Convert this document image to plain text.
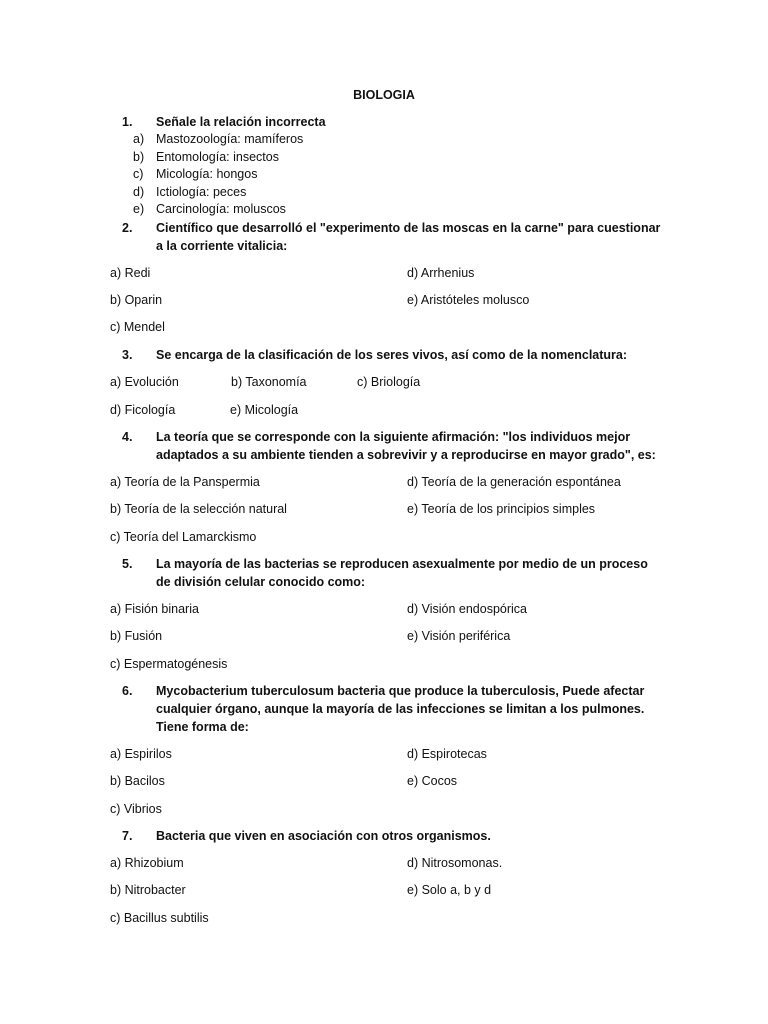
BIOLOGIA
1. Señale la relación incorrecta
a) Mastozoología: mamíferos
b) Entomología: insectos
c) Micología: hongos
d) Ictiología: peces
e) Carcinología: moluscos
2. Científico que desarrolló el "experimento de las moscas en la carne" para cuestionar a la corriente vitalicia:
a) Redi	d) Arrhenius
b) Oparin	e) Aristóteles molusco
c) Mendel
3. Se encarga de la clasificación de los seres vivos, así como de la nomenclatura:
a) Evolución	b) Taxonomía	c) Briología
d) Ficología	e) Micología
4. La teoría que se corresponde con la siguiente afirmación: "los individuos mejor adaptados a su ambiente tienden a sobrevivir y a reproducirse en mayor grado", es:
a) Teoría de la Panspermia	d) Teoría de la generación espontánea
b) Teoría de la selección natural	e) Teoría de los principios simples
c) Teoría del Lamarckismo
5. La mayoría de las bacterias se reproducen asexualmente por medio de un proceso de división celular conocido como:
a) Fisión binaria	d) Visión endospórica
b) Fusión	e) Visión periférica
c) Espermatogénesis
6. Mycobacterium tuberculosum bacteria que produce la tuberculosis, Puede afectar cualquier órgano, aunque la mayoría de las infecciones se limitan a los pulmones. Tiene forma de:
a) Espirilos	d) Espirotecas
b) Bacilos	e) Cocos
c) Vibrios
7. Bacteria que viven en asociación con otros organismos.
a) Rhizobium	d) Nitrosomonas.
b) Nitrobacter	e) Solo a, b y d
c) Bacillus subtilis
